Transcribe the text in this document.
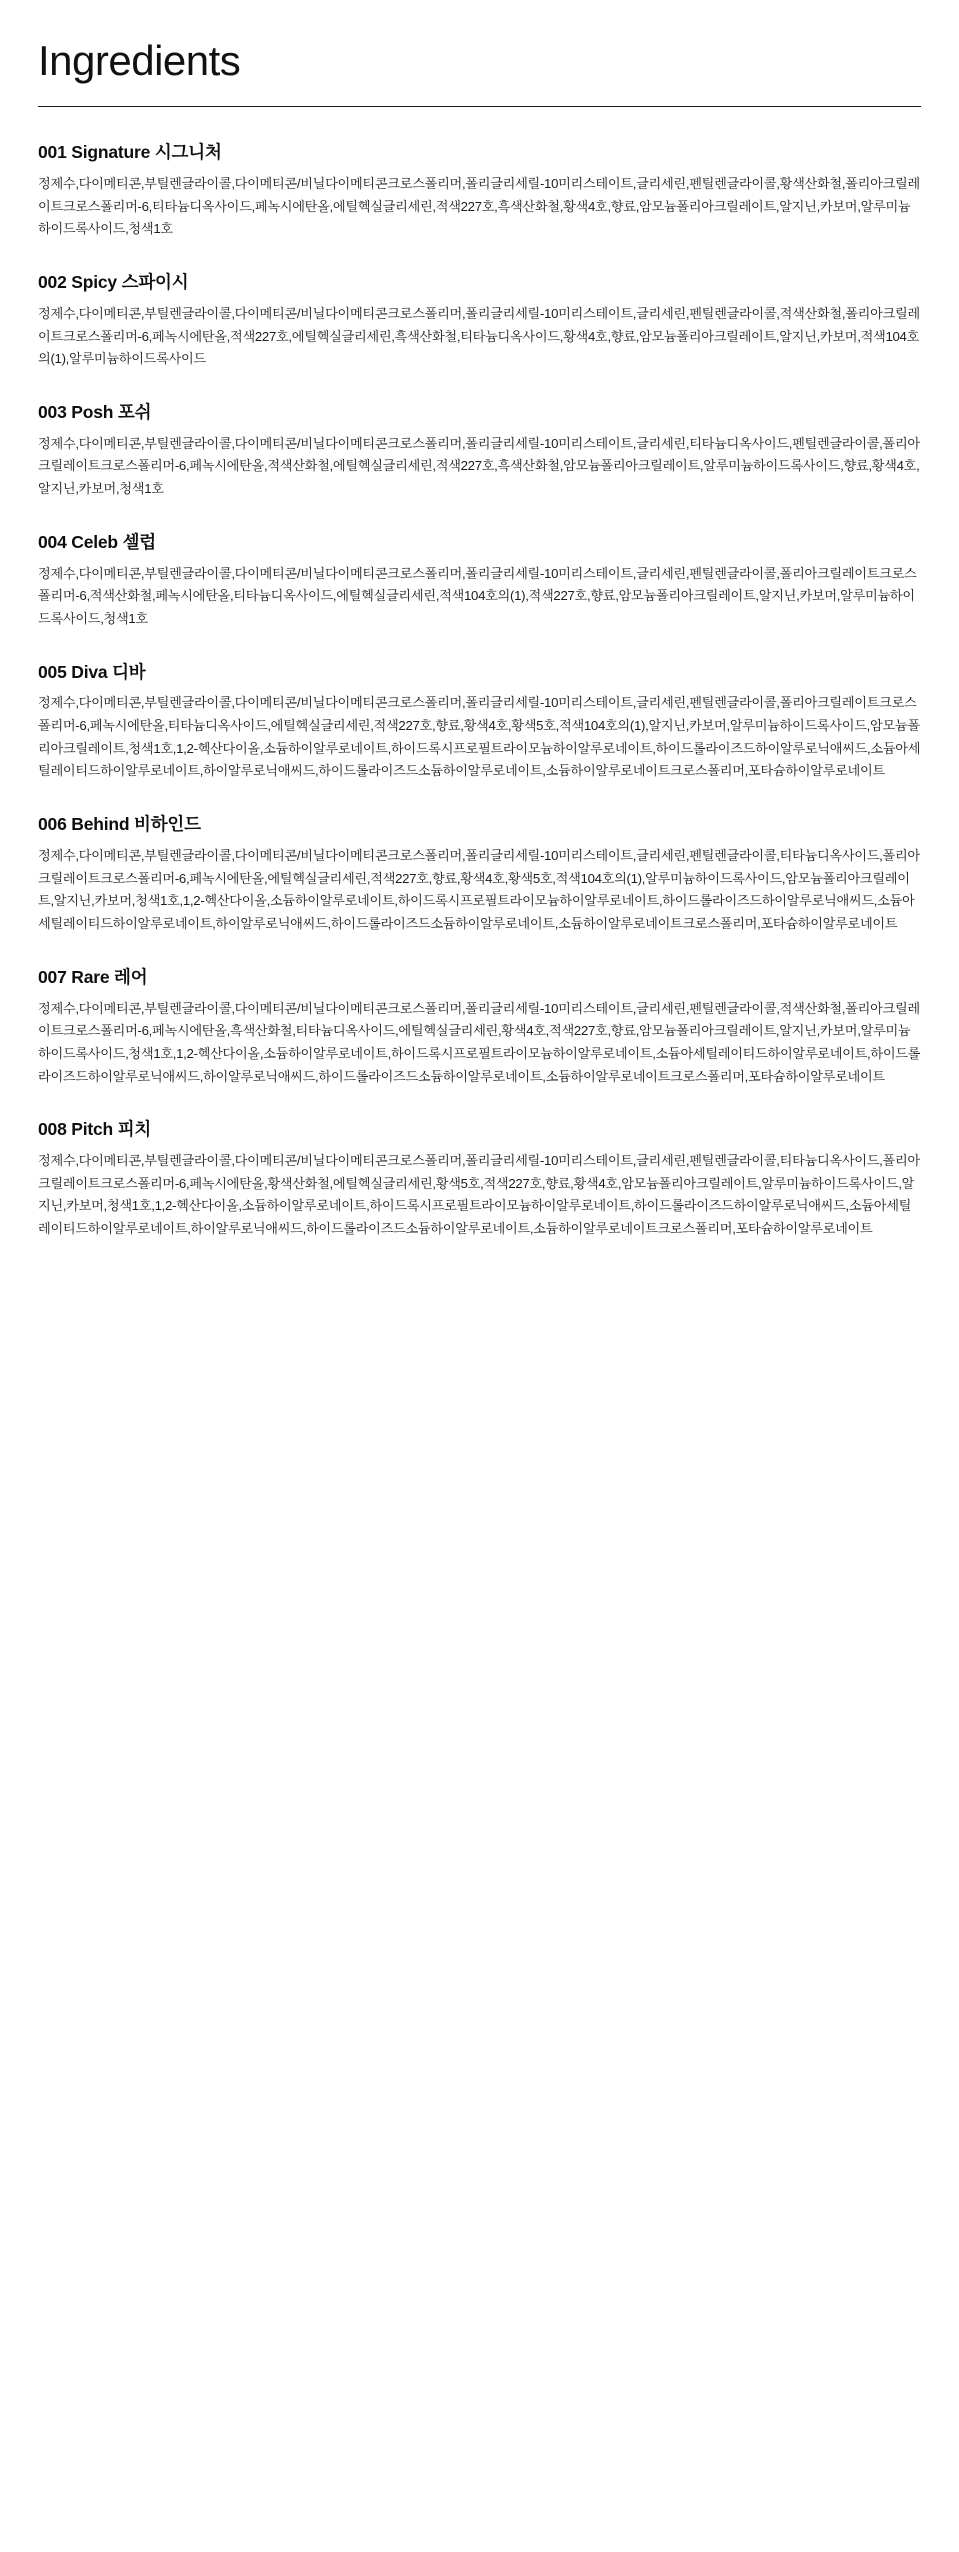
Ingredients
001 Signature 시그니처

정제수,다이메티콘,부틸렌글라이콜,다이메티콘/비닐다이메티콘크로스폴리머,폴리글리세릴-10미리스테이트,글리세린,펜틸렌글라이콜,황색산화철,폴리아크릴레이트크로스폴리머-6,티타늄디옥사이드,페녹시에탄올,에틸헥실글리세린,적색227호,흑색산화철,황색4호,향료,암모늄폴리아크릴레이트,알지닌,카보머,알루미늄하이드록사이드,청색1호

002 Spicy 스파이시

정제수,다이메티콘,부틸렌글라이콜,다이메티콘/비닐다이메티콘크로스폴리머,폴리글리세릴-10미리스테이트,글리세린,펜틸렌글라이콜,적색산화철,폴리아크릴레이트크로스폴리머-6,페녹시에탄올,적색227호,에틸헥실글리세린,흑색산화철,티타늄디옥사이드,황색4호,향료,암모늄폴리아크릴레이트,알지닌,카보머,적색104호의(1),알루미늄하이드록사이드

003 Posh 포쉬

정제수,다이메티콘,부틸렌글라이콜,다이메티콘/비닐다이메티콘크로스폴리머,폴리글리세릴-10미리스테이트,글리세린,티타늄디옥사이드,펜틸렌글라이콜,폴리아크릴레이트크로스폴리머-6,페녹시에탄올,적색산화철,에틸헥실글리세린,적색227호,흑색산화철,암모늄폴리아크릴레이트,알루미늄하이드록사이드,향료,황색4호,알지닌,카보머,청색1호

004 Celeb 셀럽

정제수,다이메티콘,부틸렌글라이콜,다이메티콘/비닐다이메티콘크로스폴리머,폴리글리세릴-10미리스테이트,글리세린,펜틸렌글라이콜,폴리아크릴레이트크로스폴리머-6,적색산화철,페녹시에탄올,티타늄디옥사이드,에틸헥실글리세린,적색104호의(1),적색227호,향료,암모늄폴리아크릴레이트,알지닌,카보머,알루미늄하이드록사이드,청색1호

005 Diva 디바

정제수,다이메티콘,부틸렌글라이콜,다이메티콘/비닐다이메티콘크로스폴리머,폴리글리세릴-10미리스테이트,글리세린,펜틸렌글라이콜,폴리아크릴레이트크로스폴리머-6,페녹시에탄올,티타늄디옥사이드,에틸헥실글리세린,적색227호,향료,황색4호,황색5호,적색104호의(1),알지닌,카보머,알루미늄하이드록사이드,암모늄폴리아크릴레이트,청색1호,1,2-헥산다이올,소듐하이알루로네이트,하이드록시프로필트라이모늄하이알루로네이트,하이드롤라이즈드하이알루로닉애씨드,소듐아세틸레이티드하이알루로네이트,하이알루로닉애씨드,하이드롤라이즈드소듐하이알루로네이트,소듐하이알루로네이트크로스폴리머,포타슘하이알루로네이트

006 Behind 비하인드

정제수,다이메티콘,부틸렌글라이콜,다이메티콘/비닐다이메티콘크로스폴리머,폴리글리세릴-10미리스테이트,글리세린,펜틸렌글라이콜,티타늄디옥사이드,폴리아크릴레이트크로스폴리머-6,페녹시에탄올,에틸헥실글리세린,적색227호,향료,황색4호,황색5호,적색104호의(1),알루미늄하이드록사이드,암모늄폴리아크릴레이트,알지닌,카보머,청색1호,1,2-헥산다이올,소듐하이알루로네이트,하이드록시프로필트라이모늄하이알루로네이트,하이드롤라이즈드하이알루로닉애씨드,소듐아세틸레이티드하이알루로네이트,하이알루로닉애씨드,하이드롤라이즈드소듐하이알루로네이트,소듐하이알루로네이트크로스폴리머,포타슘하이알루로네이트

007 Rare 레어

정제수,다이메티콘,부틸렌글라이콜,다이메티콘/비닐다이메티콘크로스폴리머,폴리글리세릴-10미리스테이트,글리세린,펜틸렌글라이콜,적색산화철,폴리아크릴레이트크로스폴리머-6,페녹시에탄올,흑색산화철,티타늄디옥사이드,에틸헥실글리세린,황색4호,적색227호,향료,암모늄폴리아크릴레이트,알지닌,카보머,알루미늄하이드록사이드,청색1호,1,2-헥산다이올,소듐하이알루로네이트,하이드록시프로필트라이모늄하이알루로네이트,소듐아세틸레이티드하이알루로네이트,하이드롤라이즈드하이알루로닉애씨드,하이알루로닉애씨드,하이드롤라이즈드소듐하이알루로네이트,소듐하이알루로네이트크로스폴리머,포타슘하이알루로네이트

008 Pitch 피치

정제수,다이메티콘,부틸렌글라이콜,다이메티콘/비닐다이메티콘크로스폴리머,폴리글리세릴-10미리스테이트,글리세린,펜틸렌글라이콜,티타늄디옥사이드,폴리아크릴레이트크로스폴리머-6,페녹시에탄올,황색산화철,에틸헥실글리세린,황색5호,적색227호,향료,황색4호,암모늄폴리아크릴레이트,알루미늄하이드록사이드,알지닌,카보머,청색1호,1,2-헥산다이올,소듐하이알루로네이트,하이드록시프로필트라이모늄하이알루로네이트,하이드롤라이즈드하이알루로닉애씨드,소듐아세틸레이티드하이알루로네이트,하이알루로닉애씨드,하이드롤라이즈드소듐하이알루로네이트,소듐하이알루로네이트크로스폴리머,포타슘하이알루로네이트
